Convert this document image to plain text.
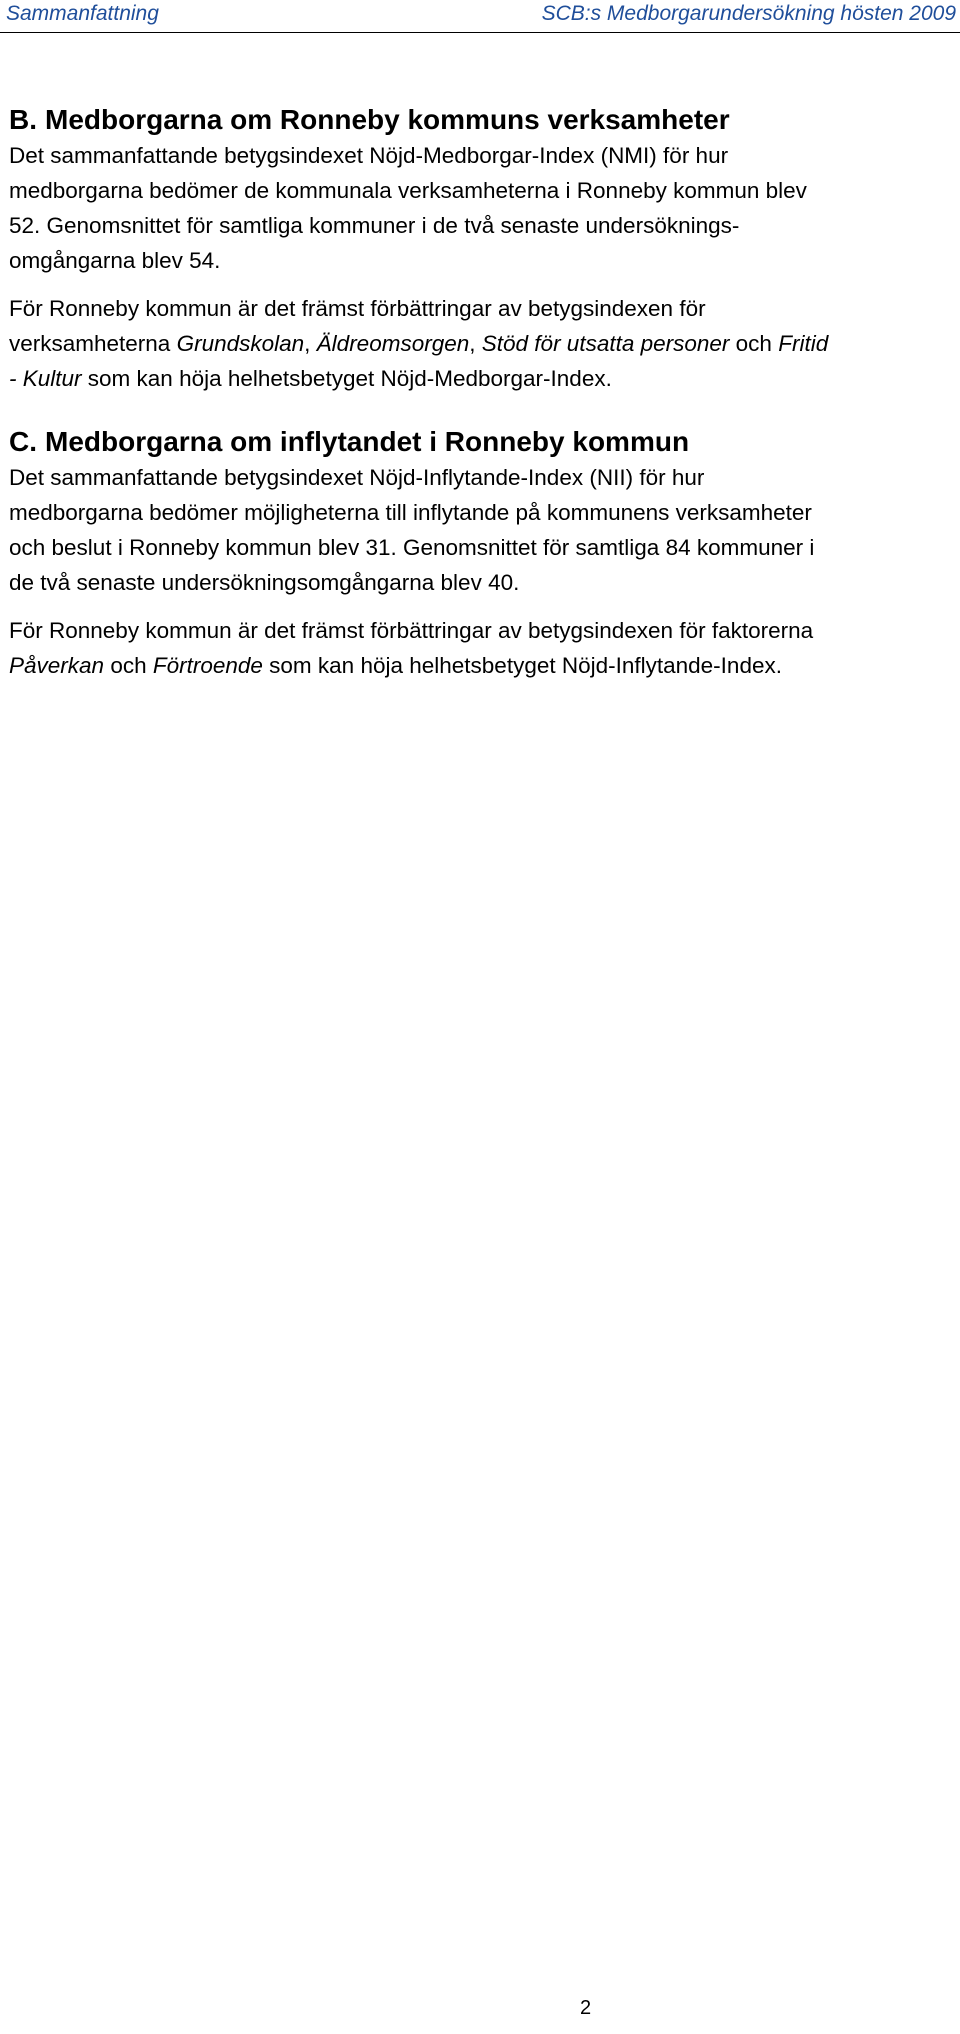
Sammanfattning	SCB:s Medborgarundersökning hösten 2009
B. Medborgarna om Ronneby kommuns verksamheter

Det sammanfattande betygsindexet Nöjd-Medborgar-Index (NMI) för hur
medborgarna bedömer de kommunala verksamheterna i Ronneby kommun blev
52. Genomsnittet för samtliga kommuner i de två senaste undersöknings-
omgångarna blev 54.

För Ronneby kommun är det främst förbättringar av betygsindexen för
verksamheterna Grundskolan, Äldreomsorgen, Stöd för utsatta personer och Fritid
- Kultur som kan höja helhetsbetyget Nöjd-Medborgar-Index.

C. Medborgarna om inflytandet i Ronneby kommun

Det sammanfattande betygsindexet Nöjd-Inflytande-Index (NII) för hur
medborgarna bedömer möjligheterna till inflytande på kommunens verksamheter
och beslut i Ronneby kommun blev 31. Genomsnittet för samtliga 84 kommuner i
de två senaste undersökningsomgångarna blev 40.

För Ronneby kommun är det främst förbättringar av betygsindexen för faktorerna
Påverkan och Förtroende som kan höja helhetsbetyget Nöjd-Inflytande-Index.

2
